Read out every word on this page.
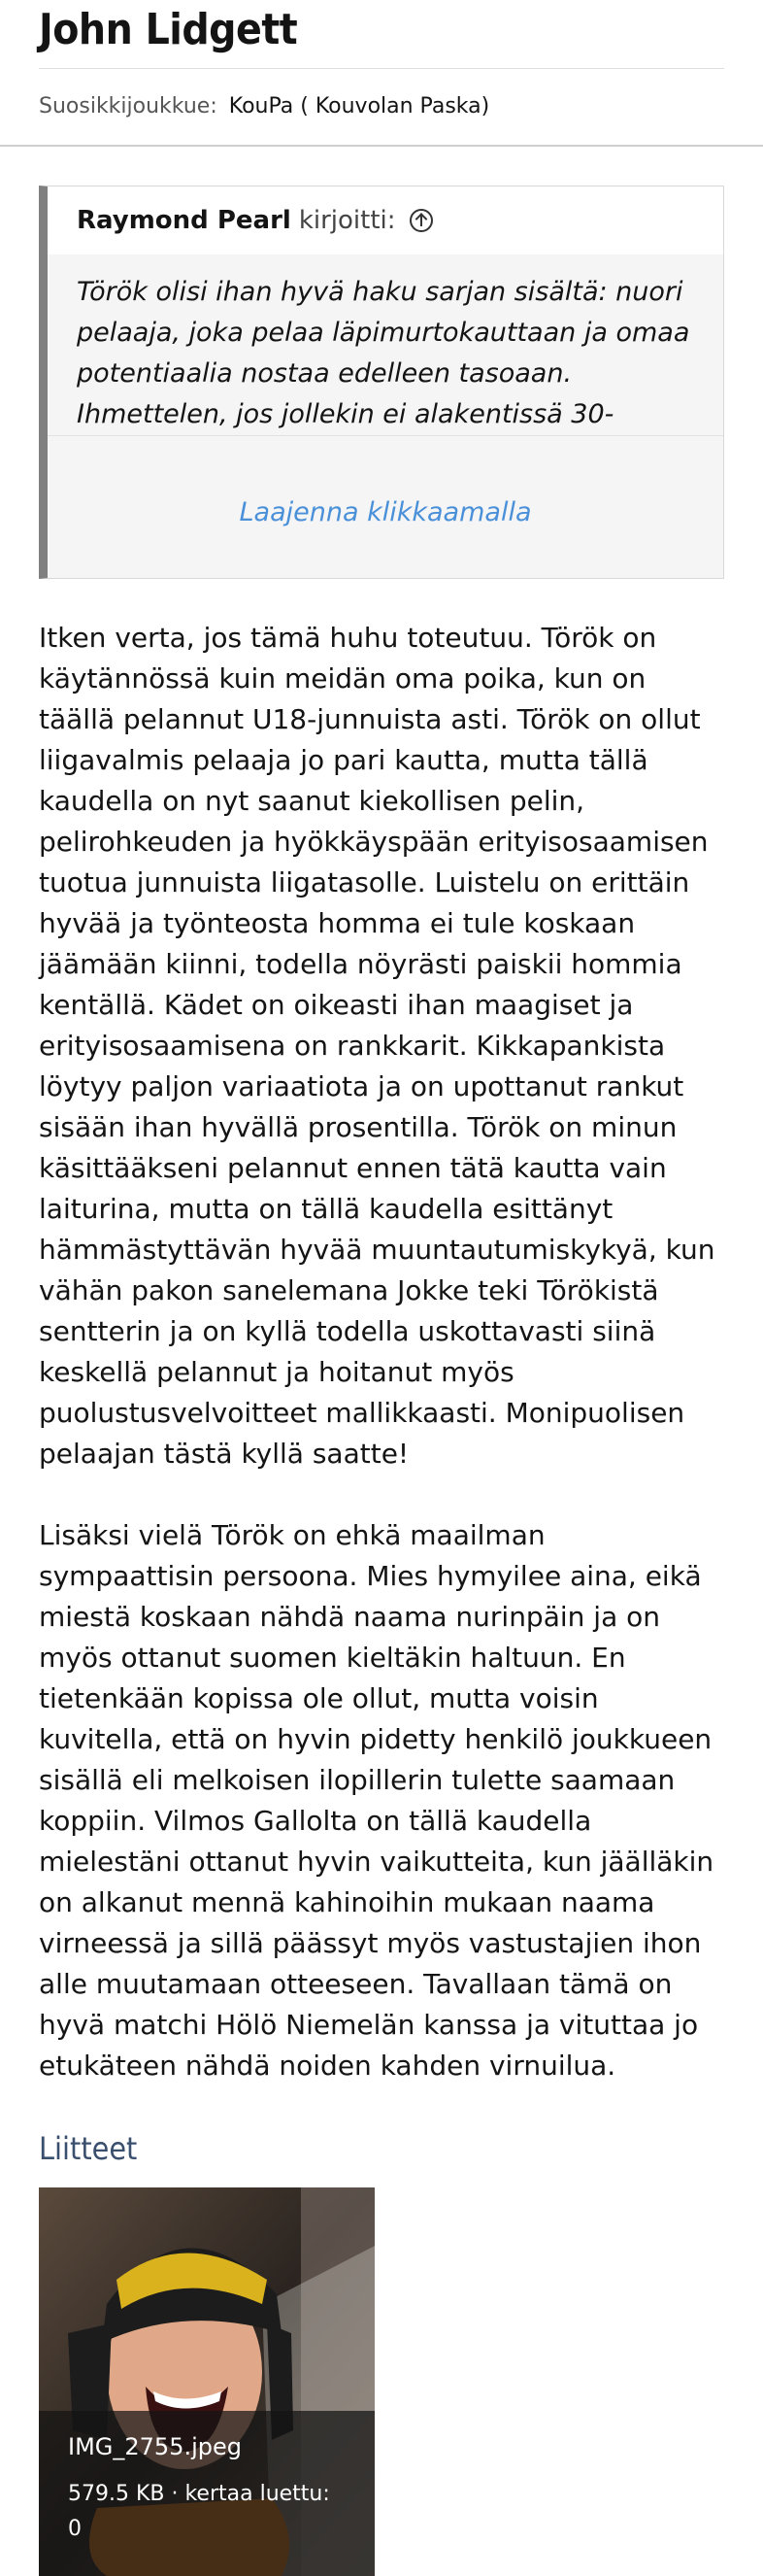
John Lidgett
Suosikkijoukkue: KouPa ( Kouvolan Paska)
Raymond Pearl kirjoitti:
Török olisi ihan hyvä haku sarjan sisältä: nuori pelaaja, joka pelaa läpimurtokauttaan ja omaa potentiaalia nostaa edelleen tasoaan. Ihmettelen, jos jollekin ei alakentissä 30-
Laajenna klikkaamalla

Itken verta, jos tämä huhu toteutuu. Török on käytännössä kuin meidän oma poika, kun on täällä pelannut U18-junnuista asti. Török on ollut liigavalmis pelaaja jo pari kautta, mutta tällä kaudella on nyt saanut kiekollisen pelin, pelirohkeuden ja hyökkäyspään erityisosaamisen tuotua junnuista liigatasolle. Luistelu on erittäin hyvää ja työnteosta homma ei tule koskaan jäämään kiinni, todella nöyrästi paiskii hommia kentällä. Kädet on oikeasti ihan maagiset ja erityisosaamisena on rankkarit. Kikkapankista löytyy paljon variaatiota ja on upottanut rankut sisään ihan hyvällä prosentilla. Török on minun käsittääkseni pelannut ennen tätä kautta vain laiturina, mutta on tällä kaudella esittänyt hämmästyttävän hyvää muuntautumiskykyä, kun vähän pakon sanelemana Jokke teki Törökistä sentterin ja on kyllä todella uskottavasti siinä keskellä pelannut ja hoitanut myös puolustusvelvoitteet mallikkaasti. Monipuolisen pelaajan tästä kyllä saatte!

Lisäksi vielä Török on ehkä maailman sympaattisin persoona. Mies hymyilee aina, eikä miestä koskaan nähdä naama nurinpäin ja on myös ottanut suomen kieltäkin haltuun. En tietenkään kopissa ole ollut, mutta voisin kuvitella, että on hyvin pidetty henkilö joukkueen sisällä eli melkoisen ilopillerin tulette saamaan koppiin. Vilmos Gallolta on tällä kaudella mielestäni ottanut hyvin vaikutteita, kun jäälläkin on alkanut mennä kahinoihin mukaan naama virneessä ja sillä päässyt myös vastustajien ihon alle muutamaan otteeseen. Tavallaan tämä on hyvä matchi Hölö Niemelän kanssa ja vituttaa jo etukäteen nähdä noiden kahden virnuilua.

Liitteet
IMG_2755.jpeg
579.5 KB · kertaa luettu: 0
